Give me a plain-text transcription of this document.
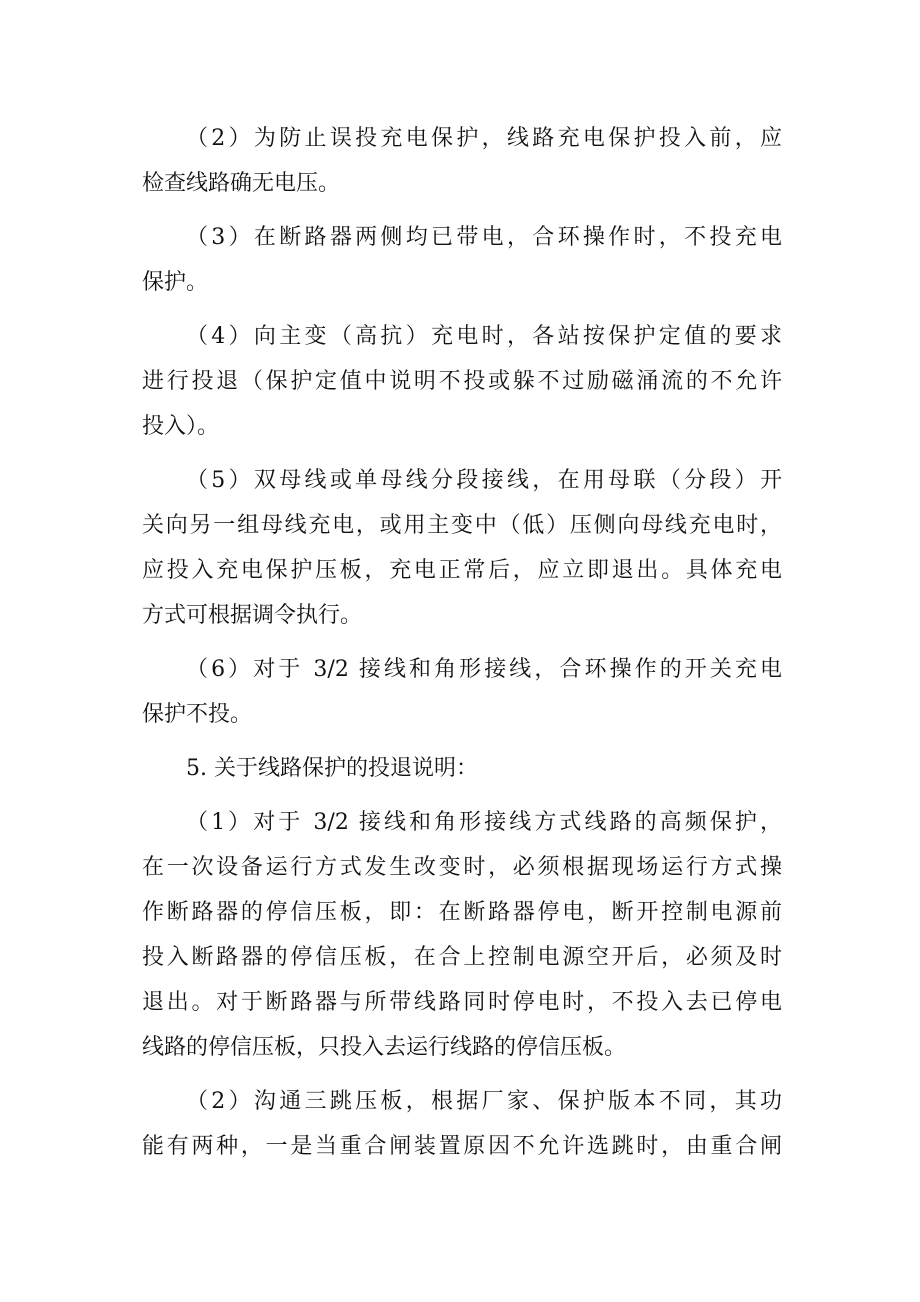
（2）为防止误投充电保护，线路充电保护投入前，应
检查线路确无电压。
（3）在断路器两侧均已带电，合环操作时，不投充电
保护。
（4）向主变（高抗）充电时，各站按保护定值的要求
进行投退（保护定值中说明不投或躲不过励磁涌流的不允许
投入）。
（5）双母线或单母线分段接线，在用母联（分段）开
关向另一组母线充电，或用主变中（低）压侧向母线充电时，
应投入充电保护压板，充电正常后，应立即退出。具体充电
方式可根据调令执行。
（6）对于 3/2 接线和角形接线，合环操作的开关充电
保护不投。
5. 关于线路保护的投退说明：
（1）对于 3/2 接线和角形接线方式线路的高频保护，
在一次设备运行方式发生改变时，必须根据现场运行方式操
作断路器的停信压板，即：在断路器停电，断开控制电源前
投入断路器的停信压板，在合上控制电源空开后，必须及时
退出。对于断路器与所带线路同时停电时，不投入去已停电
线路的停信压板，只投入去运行线路的停信压板。
（2）沟通三跳压板，根据厂家、保护版本不同，其功
能有两种，一是当重合闸装置原因不允许选跳时，由重合闸
